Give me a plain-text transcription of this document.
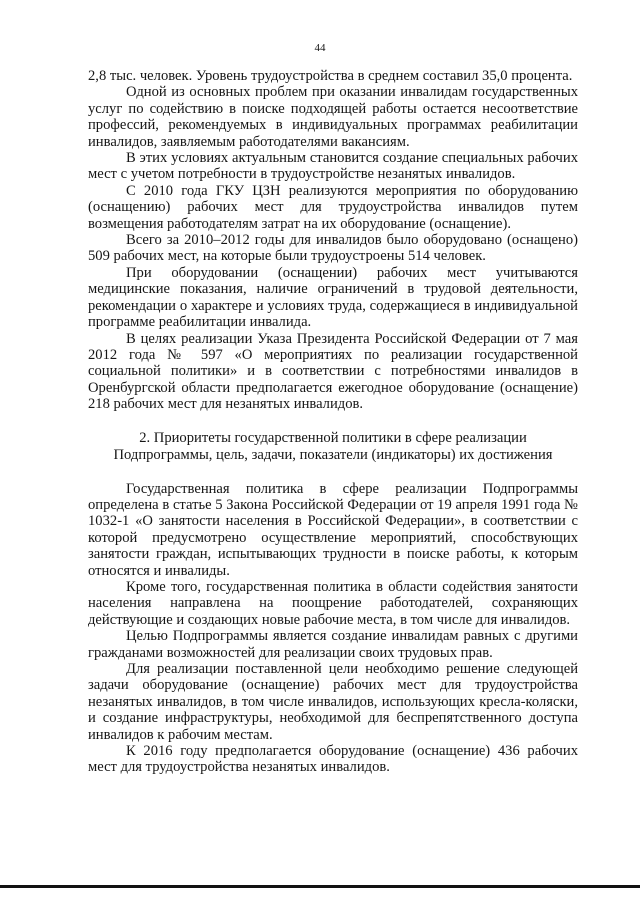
44

2,8 тыс. человек. Уровень трудоустройства в среднем составил 35,0 процента.

Одной из основных проблем при оказании инвалидам государственных услуг по содействию в поиске подходящей работы остается несоответствие профессий, рекомендуемых в индивидуальных программах реабилитации инвалидов, заявляемым работодателями вакансиям.

В этих условиях актуальным становится создание специальных рабочих мест с учетом потребности в трудоустройстве незанятых инвалидов.

С 2010 года ГКУ ЦЗН реализуются мероприятия по оборудованию (оснащению) рабочих мест для трудоустройства инвалидов путем возмещения работодателям затрат на их оборудование (оснащение).

Всего за 2010–2012 годы для инвалидов было оборудовано (оснащено) 509 рабочих мест, на которые были трудоустроены 514 человек.

При оборудовании (оснащении) рабочих мест учитываются медицинские показания, наличие ограничений в трудовой деятельности, рекомендации о характере и условиях труда, содержащиеся в индивидуальной программе реабилитации инвалида.

В целях реализации Указа Президента Российской Федерации от 7 мая 2012 года № 597 «О мероприятиях по реализации государственной социальной политики» и в соответствии с потребностями инвалидов в Оренбургской области предполагается ежегодное оборудование (оснащение) 218 рабочих мест для незанятых инвалидов.

2. Приоритеты государственной политики в сфере реализации
Подпрограммы, цель, задачи, показатели (индикаторы) их достижения

Государственная политика в сфере реализации Подпрограммы определена в статье 5 Закона Российской Федерации от 19 апреля 1991 года № 1032-1 «О занятости населения в Российской Федерации», в соответствии с которой предусмотрено осуществление мероприятий, способствующих занятости граждан, испытывающих трудности в поиске работы, к которым относятся и инвалиды.

Кроме того, государственная политика в области содействия занятости населения направлена на поощрение работодателей, сохраняющих действующие и создающих новые рабочие места, в том числе для инвалидов.

Целью Подпрограммы является создание инвалидам равных с другими гражданами возможностей для реализации своих трудовых прав.

Для реализации поставленной цели необходимо решение следующей задачи оборудование (оснащение) рабочих мест для трудоустройства незанятых инвалидов, в том числе инвалидов, использующих кресла-коляски, и создание инфраструктуры, необходимой для беспрепятственного доступа инвалидов к рабочим местам.

К 2016 году предполагается оборудование (оснащение) 436 рабочих мест для трудоустройства незанятых инвалидов.
